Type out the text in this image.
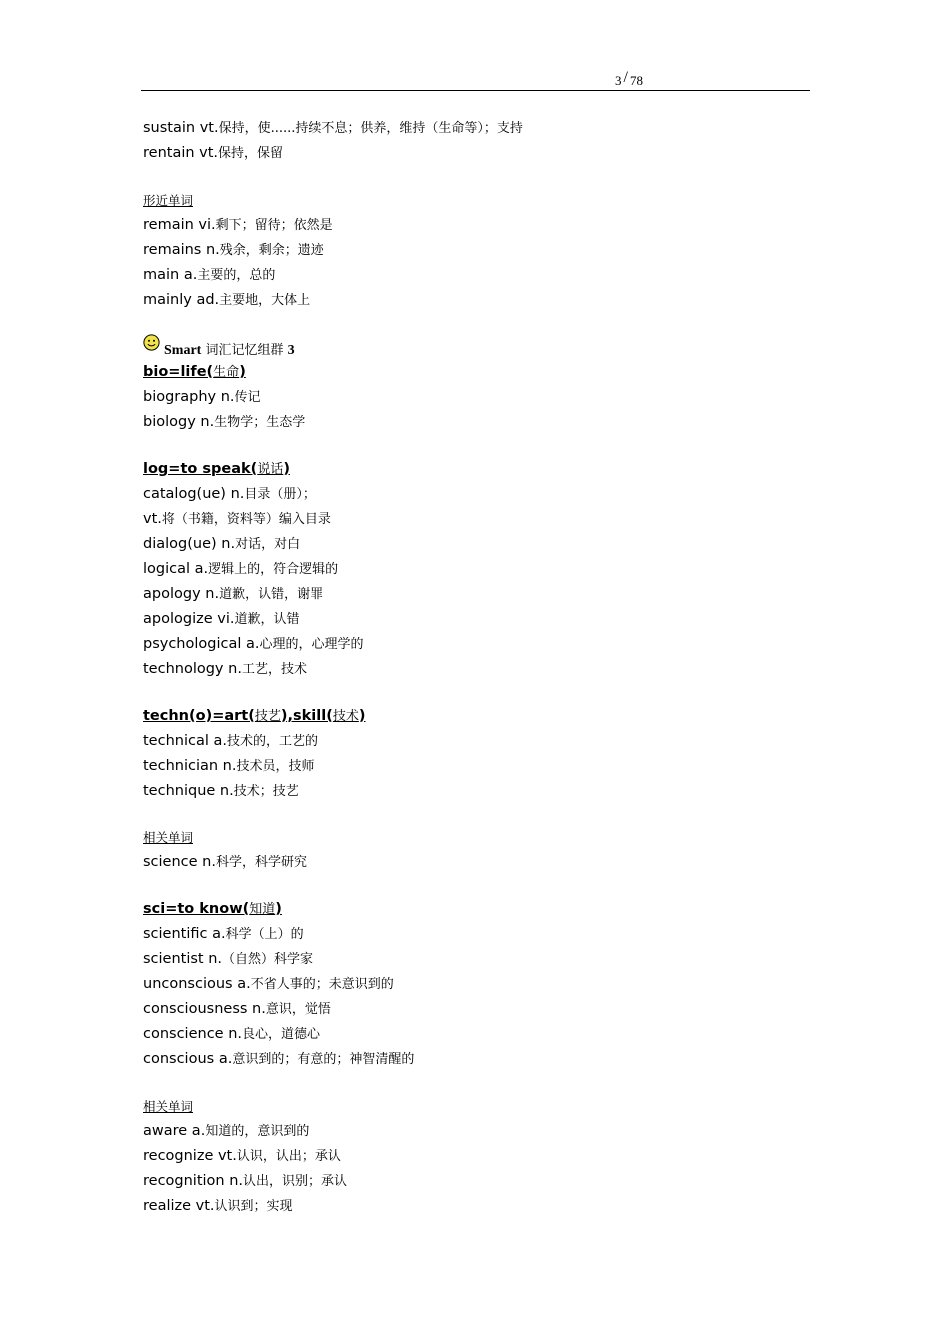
3 / 78
sustain vt.保持，使......持续不息；供养，维持（生命等）；支持
rentain vt.保持，保留
形近单词
remain vi.剩下；留待；依然是
remains n.残余，剩余；遗迹
main a.主要的，总的
mainly ad.主要地，大体上
Smart 词汇记忆组群 3
bio=life(生命)
biography n.传记
biology n.生物学；生态学
log=to speak(说话)
catalog(ue) n.目录（册）；
vt.将（书籍，资料等）编入目录
dialog(ue) n.对话，对白
logical a.逻辑上的，符合逻辑的
apology n.道歉，认错，谢罪
apologize vi.道歉，认错
psychological a.心理的，心理学的
technology n.工艺，技术
techn(o)=art(技艺),skill(技术)
technical a.技术的，工艺的
technician n.技术员，技师
technique n.技术；技艺
相关单词
science n.科学，科学研究
sci=to know(知道)
scientific a.科学（上）的
scientist n.（自然）科学家
unconscious a.不省人事的；未意识到的
consciousness n.意识，觉悟
conscience n.良心，道德心
conscious a.意识到的；有意的；神智清醒的
相关单词
aware a.知道的，意识到的
recognize vt.认识，认出；承认
recognition n.认出，识别；承认
realize vt.认识到；实现
